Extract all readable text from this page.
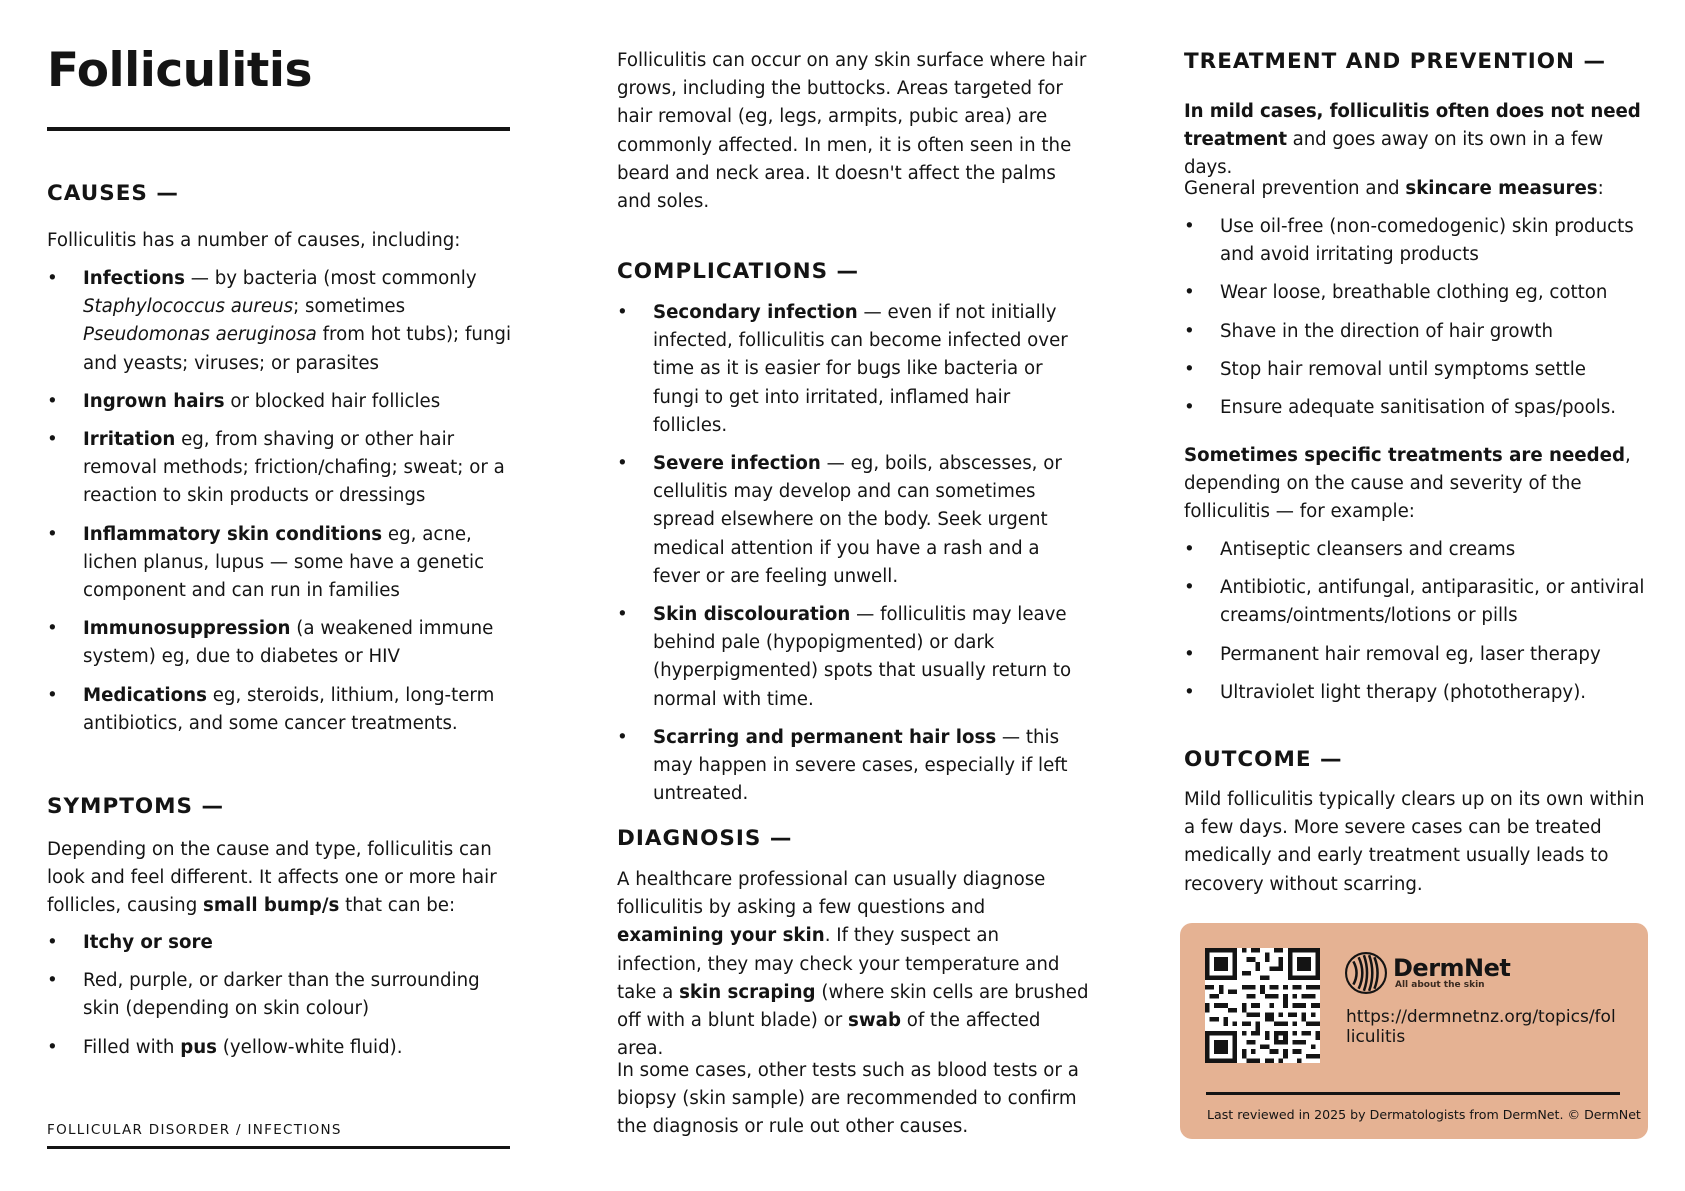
Folliculitis
CAUSES —

Folliculitis has a number of causes, including:

• Infections — by bacteria (most commonly Staphylococcus aureus; sometimes Pseudomonas aeruginosa from hot tubs); fungi and yeasts; viruses; or parasites
• Ingrown hairs or blocked hair follicles
• Irritation eg, from shaving or other hair removal methods; friction/chafing; sweat; or a reaction to skin products or dressings
• Inflammatory skin conditions eg, acne, lichen planus, lupus — some have a genetic component and can run in families
• Immunosuppression (a weakened immune system) eg, due to diabetes or HIV
• Medications eg, steroids, lithium, long-term antibiotics, and some cancer treatments.
SYMPTOMS —

Depending on the cause and type, folliculitis can look and feel different. It affects one or more hair follicles, causing small bump/s that can be:

• Itchy or sore
• Red, purple, or darker than the surrounding skin (depending on skin colour)
• Filled with pus (yellow-white fluid).

FOLLICULAR DISORDER / INFECTIONS

Folliculitis can occur on any skin surface where hair grows, including the buttocks. Areas targeted for hair removal (eg, legs, armpits, pubic area) are commonly affected. In men, it is often seen in the beard and neck area. It doesn't affect the palms and soles.

COMPLICATIONS —
• Secondary infection — even if not initially infected, folliculitis can become infected over time as it is easier for bugs like bacteria or fungi to get into irritated, inflamed hair follicles.
• Severe infection — eg, boils, abscesses, or cellulitis may develop and can sometimes spread elsewhere on the body. Seek urgent medical attention if you have a rash and a fever or are feeling unwell.
• Skin discolouration — folliculitis may leave behind pale (hypopigmented) or dark (hyperpigmented) spots that usually return to normal with time.
• Scarring and permanent hair loss — this may happen in severe cases, especially if left untreated.
DIAGNOSIS —

A healthcare professional can usually diagnose folliculitis by asking a few questions and examining your skin. If they suspect an infection, they may check your temperature and take a skin scraping (where skin cells are brushed off with a blunt blade) or swab of the affected area.

In some cases, other tests such as blood tests or a biopsy (skin sample) are recommended to confirm the diagnosis or rule out other causes.

TREATMENT AND PREVENTION —

In mild cases, folliculitis often does not need treatment and goes away on its own in a few days.

General prevention and skincare measures:

• Use oil-free (non-comedogenic) skin products and avoid irritating products
• Wear loose, breathable clothing eg, cotton
• Shave in the direction of hair growth
• Stop hair removal until symptoms settle
• Ensure adequate sanitisation of spas/pools.

Sometimes specific treatments are needed, depending on the cause and severity of the folliculitis — for example:

• Antiseptic cleansers and creams
• Antibiotic, antifungal, antiparasitic, or antiviral creams/ointments/lotions or pills
• Permanent hair removal eg, laser therapy
• Ultraviolet light therapy (phototherapy).
OUTCOME —

Mild folliculitis typically clears up on its own within a few days. More severe cases can be treated medically and early treatment usually leads to recovery without scarring.

DermNet
All about the skin

https://dermnetnz.org/topics/folliculitis

Last reviewed in 2025 by Dermatologists from DermNet. © DermNet
